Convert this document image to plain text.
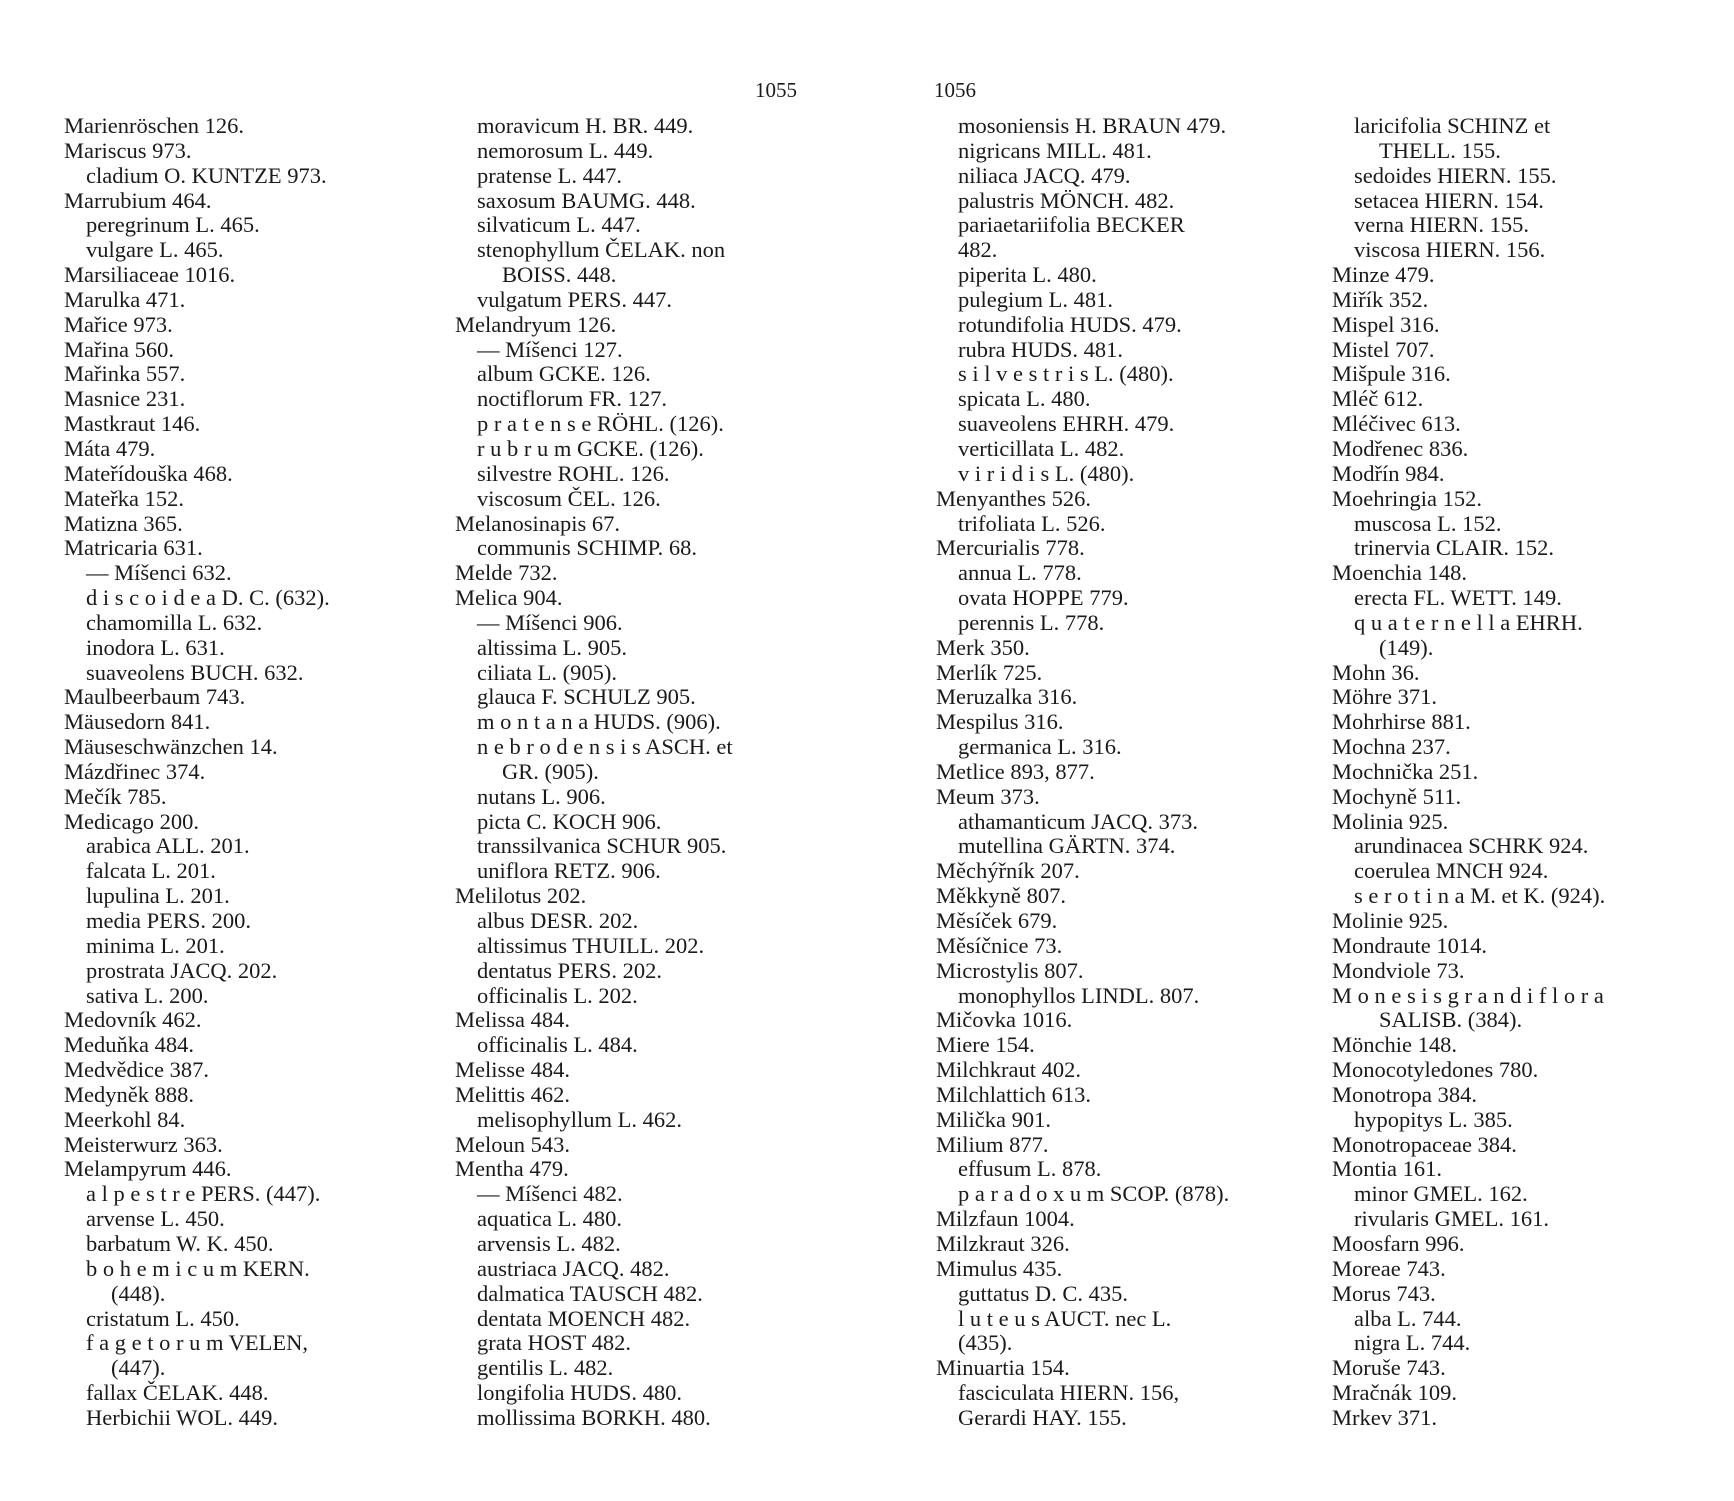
1055	1056
Marienröschen 126.
Mariscus 973.
cladium O. KUNTZE 973.
Marrubium 464.
peregrinum L. 465.
vulgare L. 465.
Marsiliaceae 1016.
Marulka 471.
Mařice 973.
Mařina 560.
Mařinka 557.
Masnice 231.
Mastkraut 146.
Máta 479.
Mateřídouška 468.
Mateřka 152.
Matizna 365.
Matricaria 631.
— Míšenci 632.
d i s c o i d e a D. C. (632).
chamomilla L. 632.
inodora L. 631.
suaveolens BUCH. 632.
Maulbeerbaum 743.
Mäusedorn 841.
Mäuseschwänzchen 14.
Mázdřinec 374.
Mečík 785.
Medicago 200.
arabica ALL. 201.
falcata L. 201.
lupulina L. 201.
media PERS. 200.
minima L. 201.
prostrata JACQ. 202.
sativa L. 200.
Medovník 462.
Meduňka 484.
Medvědice 387.
Medyněk 888.
Meerkohl 84.
Meisterwurz 363.
Melampyrum 446.
a l p e s t r e PERS. (447).
arvense L. 450.
barbatum W. K. 450.
b o h e m i c u m KERN.
(448).
cristatum L. 450.
f a g e t o r u m VELEN,
(447).
fallax ČELAK. 448.
Herbichii WOL. 449.
moravicum H. BR. 449.
nemorosum L. 449.
pratense L. 447.
saxosum BAUMG. 448.
silvaticum L. 447.
stenophyllum ČELAK. non
BOISS. 448.
vulgatum PERS. 447.
Melandryum 126.
— Míšenci 127.
album GCKE. 126.
noctiflorum FR. 127.
p r a t e n s e RÖHL. (126).
r u b r u m GCKE. (126).
silvestre ROHL. 126.
viscosum ČEL. 126.
Melanosinapis 67.
communis SCHIMP. 68.
Melde 732.
Melica 904.
— Míšenci 906.
altissima L. 905.
ciliata L. (905).
glauca F. SCHULZ 905.
m o n t a n a HUDS. (906).
n e b r o d e n s i s ASCH. et
GR. (905).
nutans L. 906.
picta C. KOCH 906.
transsilvanica SCHUR 905.
uniflora RETZ. 906.
Melilotus 202.
albus DESR. 202.
altissimus THUILL. 202.
dentatus PERS. 202.
officinalis L. 202.
Melissa 484.
officinalis L. 484.
Melisse 484.
Melittis 462.
melisophyllum L. 462.
Meloun 543.
Mentha 479.
— Míšenci 482.
aquatica L. 480.
arvensis L. 482.
austriaca JACQ. 482.
dalmatica TAUSCH 482.
dentata MOENCH 482.
grata HOST 482.
gentilis L. 482.
longifolia HUDS. 480.
mollissima BORKH. 480.
mosoniensis H. BRAUN 479.
nigricans MILL. 481.
niliaca JACQ. 479.
palustris MÖNCH. 482.
pariaetariifolia BECKER
482.
piperita L. 480.
pulegium L. 481.
rotundifolia HUDS. 479.
rubra HUDS. 481.
s i l v e s t r i s L. (480).
spicata L. 480.
suaveolens EHRH. 479.
verticillata L. 482.
v i r i d i s L. (480).
Menyanthes 526.
trifoliata L. 526.
Mercurialis 778.
annua L. 778.
ovata HOPPE 779.
perennis L. 778.
Merk 350.
Merlík 725.
Meruzalka 316.
Mespilus 316.
germanica L. 316.
Metlice 893, 877.
Meum 373.
athamanticum JACQ. 373.
mutellina GÄRTN. 374.
Měchýřník 207.
Měkkyně 807.
Měsíček 679.
Měsíčnice 73.
Microstylis 807.
monophyllos LINDL. 807.
Mičovka 1016.
Miere 154.
Milchkraut 402.
Milchlattich 613.
Milička 901.
Milium 877.
effusum L. 878.
p a r a d o x u m SCOP. (878).
Milzfaun 1004.
Milzkraut 326.
Mimulus 435.
guttatus D. C. 435.
l u t e u s AUCT. nec L.
(435).
Minuartia 154.
fasciculata HIERN. 156,
Gerardi HAY. 155.
laricifolia SCHINZ et
THELL. 155.
sedoides HIERN. 155.
setacea HIERN. 154.
verna HIERN. 155.
viscosa HIERN. 156.
Minze 479.
Miřík 352.
Mispel 316.
Mistel 707.
Mišpule 316.
Mléč 612.
Mléčivec 613.
Modřenec 836.
Modřín 984.
Moehringia 152.
muscosa L. 152.
trinervia CLAIR. 152.
Moenchia 148.
erecta FL. WETT. 149.
q u a t e r n e l l a EHRH.
(149).
Mohn 36.
Möhre 371.
Mohrhirse 881.
Mochna 237.
Mochnička 251.
Mochyně 511.
Molinia 925.
arundinacea SCHRK 924.
coerulea MNCH 924.
s e r o t i n a M. et K. (924).
Molinie 925.
Mondraute 1014.
Mondviole 73.
M o n e s i s g r a n d i f l o r a
SALISB. (384).
Mönchie 148.
Monocotyledones 780.
Monotropa 384.
hypopitys L. 385.
Monotropaceae 384.
Montia 161.
minor GMEL. 162.
rivularis GMEL. 161.
Moosfarn 996.
Moreae 743.
Morus 743.
alba L. 744.
nigra L. 744.
Moruše 743.
Mračnák 109.
Mrkev 371.
